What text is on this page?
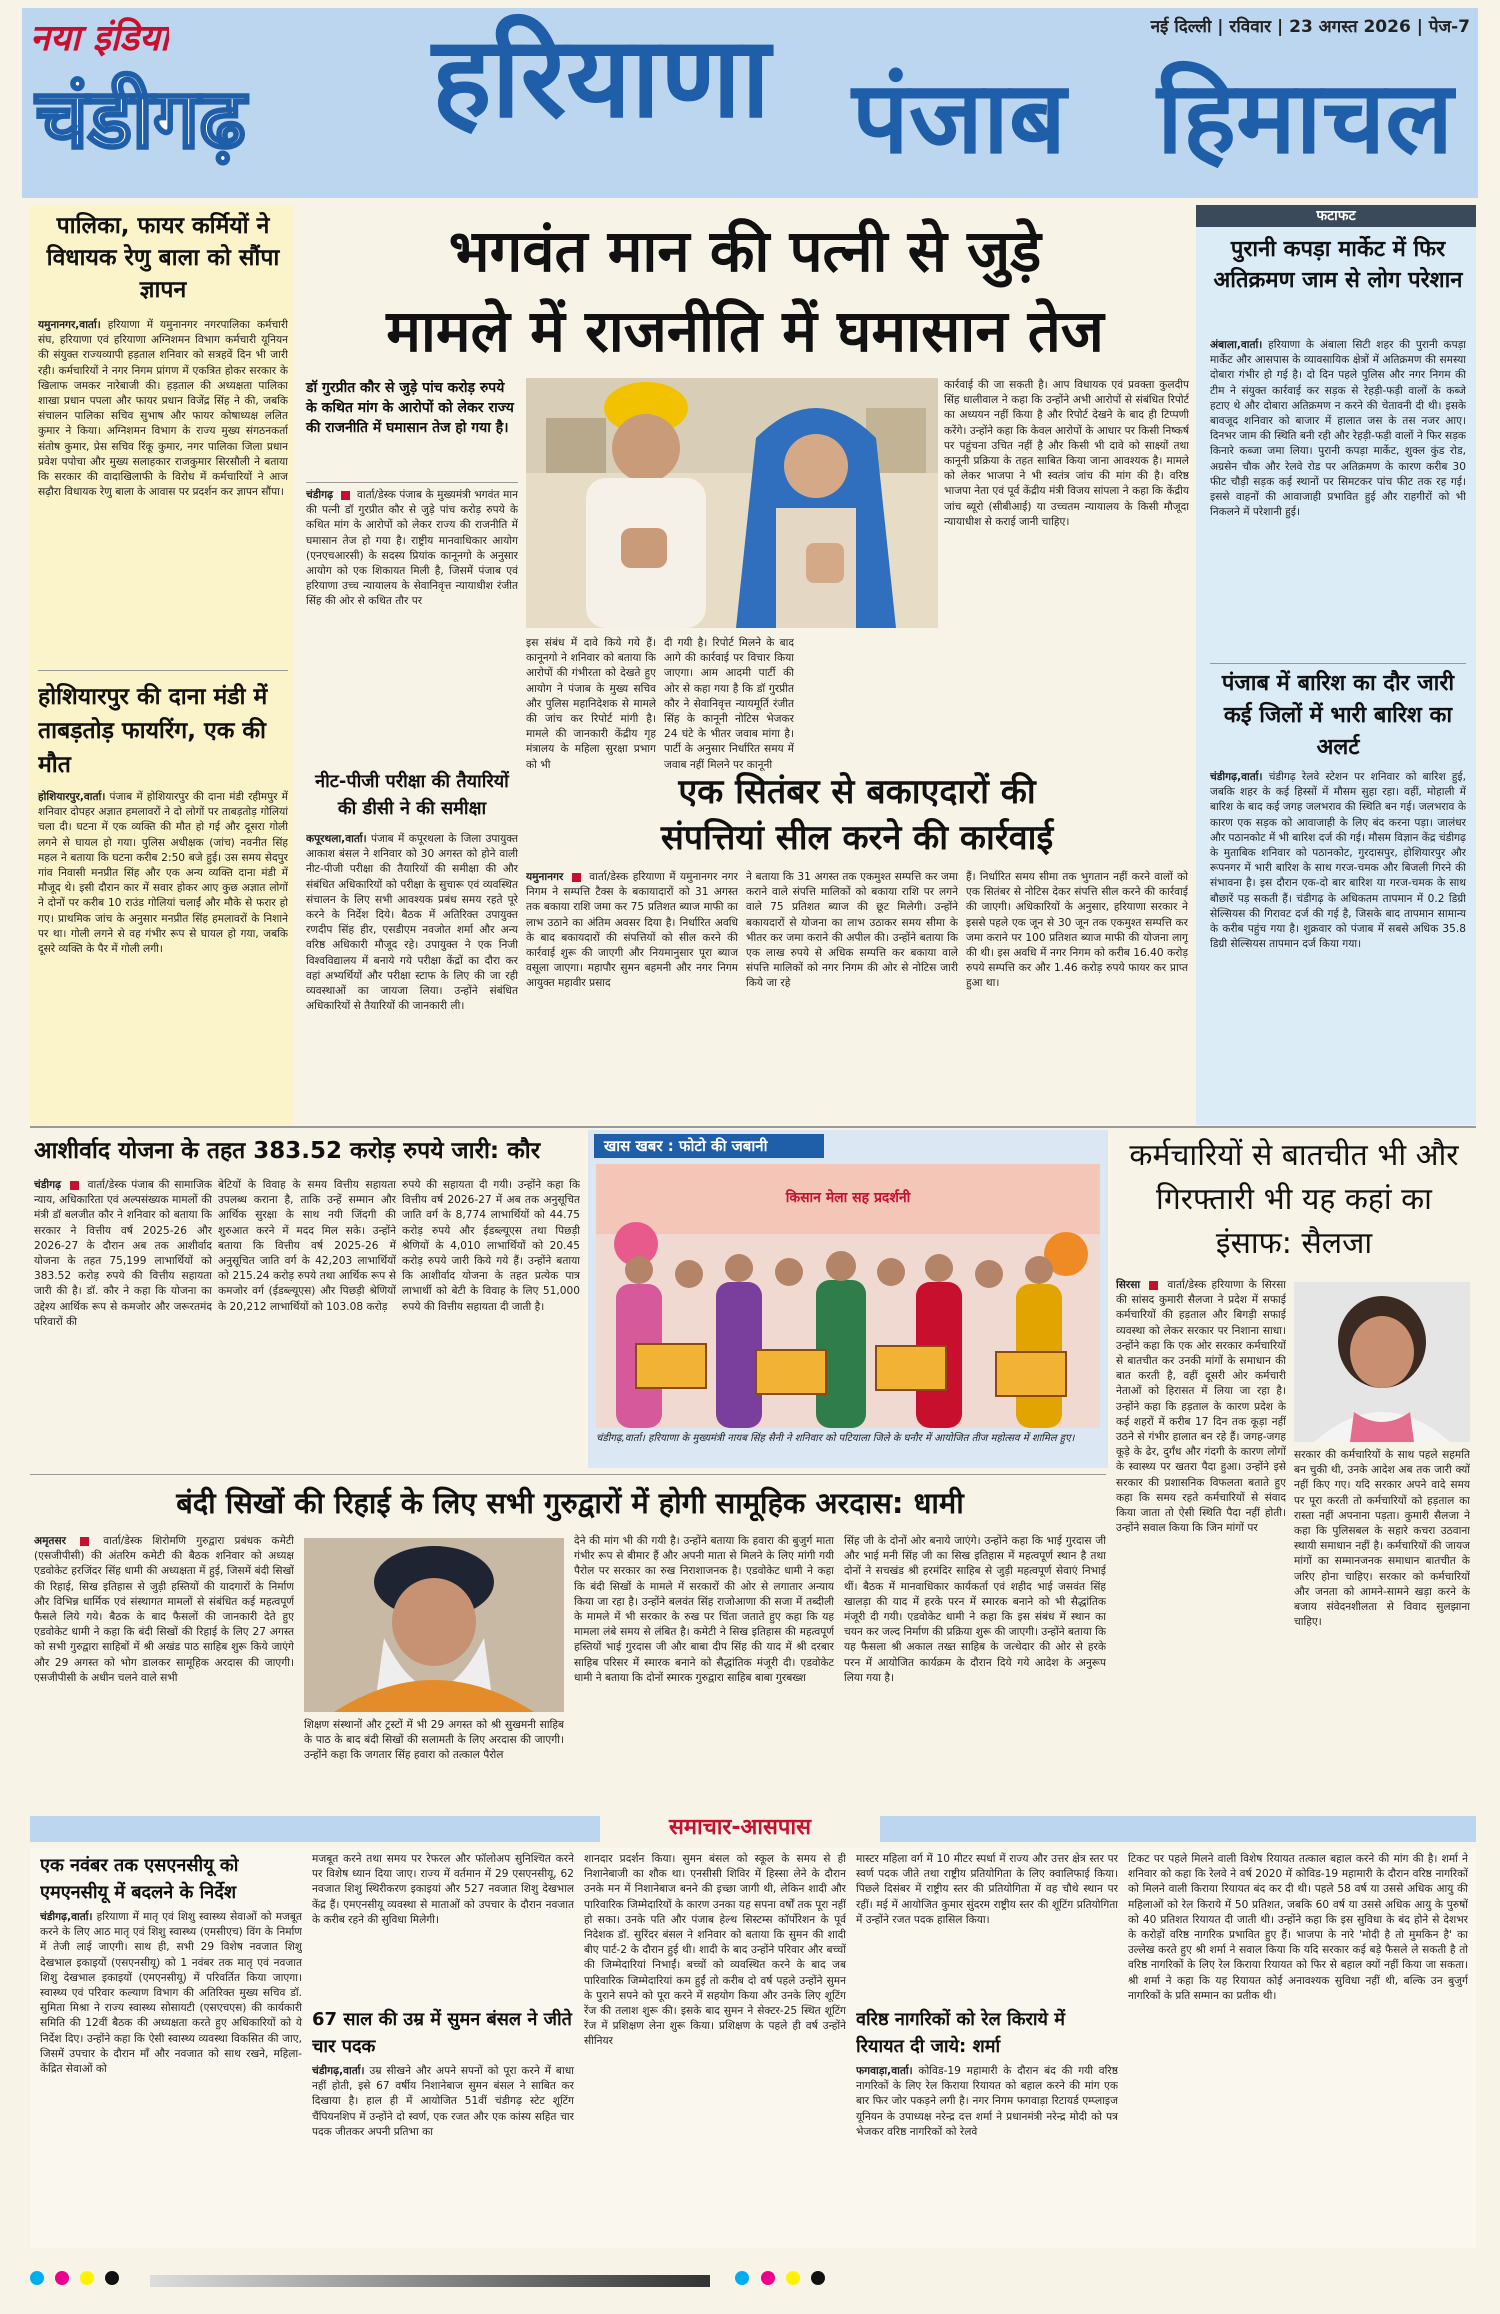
नया इंडिया
चंडीगढ़ हरियाणा पंजाब हिमाचल
नई दिल्ली | रविवार | 23 अगस्त 2026 | पेज-7
पालिका, फायर कर्मियों ने विधायक रेणु बाला को सौंपा ज्ञापन
यमुनानगर,वार्ता। हरियाणा में यमुनानगर नगरपालिका कर्मचारी संघ, हरियाणा एवं हरियाणा अग्निशमन विभाग कर्मचारी यूनियन की संयुक्त राज्यव्यापी हड़ताल शनिवार को सत्रहवें दिन भी जारी रही। कर्मचारियों ने नगर निगम प्रांगण में एकत्रित होकर सरकार के खिलाफ जमकर नारेबाजी की। हड़ताल की अध्यक्षता पालिका शाखा प्रधान पपला और फायर प्रधान विजेंद्र सिंह ने की, जबकि संचालन पालिका सचिव सुभाष और फायर कोषाध्यक्ष ललित कुमार ने किया। अग्निशमन विभाग के राज्य मुख्य संगठनकर्ता संतोष कुमार, प्रेस सचिव रिंकू कुमार, नगर पालिका जिला प्रधान प्रवेश पपोचा और मुख्य सलाहकार राजकुमार सिरसौली ने बताया कि सरकार की वादाखिलाफी के विरोध में कर्मचारियों ने आज सढ़ौरा विधायक रेणु बाला के आवास पर प्रदर्शन कर ज्ञापन सौंपा।
होशियारपुर की दाना मंडी में ताबड़तोड़ फायरिंग, एक की मौत
होशियारपुर,वार्ता। पंजाब में होशियारपुर की दाना मंडी रहीमपुर में शनिवार दोपहर अज्ञात हमलावरों ने दो लोगों पर ताबड़तोड़ गोलियां चला दी। घटना में एक व्यक्ति की मौत हो गई और दूसरा गोली लगने से घायल हो गया। पुलिस अधीक्षक (जांच) नवनीत सिंह महल ने बताया कि घटना करीब 2:50 बजे हुई। उस समय सेदपुर गांव निवासी मनप्रीत सिंह और एक अन्य व्यक्ति दाना मंडी में मौजूद थे। इसी दौरान कार में सवार होकर आए कुछ अज्ञात लोगों ने दोनों पर करीब 10 राउंड गोलियां चलाईं और मौके से फरार हो गए। प्राथमिक जांच के अनुसार मनप्रीत सिंह हमलावरों के निशाने पर था। गोली लगने से वह गंभीर रूप से घायल हो गया, जबकि दूसरे व्यक्ति के पैर में गोली लगी।
भगवंत मान की पत्नी से जुड़े
मामले में राजनीति में घमासान तेज
डॉ गुरप्रीत कौर से जुड़े पांच करोड़ रुपये के कथित मांग के आरोपों को लेकर राज्य की राजनीति में घमासान तेज हो गया है।
चंडीगढ़ वार्ता/डेस्क पंजाब के मुख्यमंत्री भगवंत मान की पत्नी डॉ गुरप्रीत कौर से जुड़े पांच करोड़ रुपये के कथित मांग के आरोपों को लेकर राज्य की राजनीति में घमासान तेज हो गया है। राष्ट्रीय मानवाधिकार आयोग (एनएचआरसी) के सदस्य प्रियांक कानूनगो के अनुसार आयोग को एक शिकायत मिली है, जिसमें पंजाब एवं हरियाणा उच्च न्यायालय के सेवानिवृत्त न्यायाधीश रंजीत सिंह की ओर से कथित तौर पर
इस संबंध में दावे किये गये हैं। कानूनगो ने शनिवार को बताया कि आरोपों की गंभीरता को देखते हुए आयोग ने पंजाब के मुख्य सचिव और पुलिस महानिदेशक से मामले की जांच कर रिपोर्ट मांगी है। मामले की जानकारी केंद्रीय गृह मंत्रालय के महिला सुरक्षा प्रभाग को भी
दी गयी है। रिपोर्ट मिलने के बाद आगे की कार्रवाई पर विचार किया जाएगा। आम आदमी पार्टी की ओर से कहा गया है कि डॉ गुरप्रीत कौर ने सेवानिवृत्त न्यायमूर्ति रंजीत सिंह के कानूनी नोटिस भेजकर 24 घंटे के भीतर जवाब मांगा है। पार्टी के अनुसार निर्धारित समय में जवाब नहीं मिलने पर कानूनी
कार्रवाई की जा सकती है। आप विधायक एवं प्रवक्ता कुलदीप सिंह धालीवाल ने कहा कि उन्होंने अभी आरोपों से संबंधित रिपोर्ट का अध्ययन नहीं किया है और रिपोर्ट देखने के बाद ही टिप्पणी करेंगे। उन्होंने कहा कि केवल आरोपों के आधार पर किसी निष्कर्ष पर पहुंचना उचित नहीं है और किसी भी दावे को साक्ष्यों तथा कानूनी प्रक्रिया के तहत साबित किया जाना आवश्यक है। मामले को लेकर भाजपा ने भी स्वतंत्र जांच की मांग की है। वरिष्ठ भाजपा नेता एवं पूर्व केंद्रीय मंत्री विजय सांपला ने कहा कि केंद्रीय जांच ब्यूरो (सीबीआई) या उच्चतम न्यायालय के किसी मौजूदा न्यायाधीश से कराई जानी चाहिए।
फटाफट
पुरानी कपड़ा मार्केट में फिर अतिक्रमण जाम से लोग परेशान
अंबाला,वार्ता। हरियाणा के अंबाला सिटी शहर की पुरानी कपड़ा मार्केट और आसपास के व्यावसायिक क्षेत्रों में अतिक्रमण की समस्या दोबारा गंभीर हो गई है। दो दिन पहले पुलिस और नगर निगम की टीम ने संयुक्त कार्रवाई कर सड़क से रेहड़ी-फड़ी वालों के कब्जे हटाए थे और दोबारा अतिक्रमण न करने की चेतावनी दी थी। इसके बावजूद शनिवार को बाजार में हालात जस के तस नजर आए। दिनभर जाम की स्थिति बनी रही और रेहड़ी-फड़ी वालों ने फिर सड़क किनारे कब्जा जमा लिया। पुरानी कपड़ा मार्केट, शुक्ल कुंड रोड, अग्रसेन चौक और रेलवे रोड पर अतिक्रमण के कारण करीब 30 फीट चौड़ी सड़क कई स्थानों पर सिमटकर पांच फीट तक रह गई। इससे वाहनों की आवाजाही प्रभावित हुई और राहगीरों को भी निकलने में परेशानी हुई।
पंजाब में बारिश का दौर जारी कई जिलों में भारी बारिश का अलर्ट
चंडीगढ़,वार्ता। चंडीगढ़ रेलवे स्टेशन पर शनिवार को बारिश हुई, जबकि शहर के कई हिस्सों में मौसम सुहा रहा। वहीं, मोहाली में बारिश के बाद कई जगह जलभराव की स्थिति बन गई। जलभराव के कारण एक सड़क को आवाजाही के लिए बंद करना पड़ा। जालंधर और पठानकोट में भी बारिश दर्ज की गई। मौसम विज्ञान केंद्र चंडीगढ़ के मुताबिक शनिवार को पठानकोट, गुरदासपुर, होशियारपुर और रूपनगर में भारी बारिश के साथ गरज-चमक और बिजली गिरने की संभावना है। इस दौरान एक-दो बार बारिश या गरज-चमक के साथ बौछारें पड़ सकती हैं। चंडीगढ़ के अधिकतम तापमान में 0.2 डिग्री सेल्सियस की गिरावट दर्ज की गई है, जिसके बाद तापमान सामान्य के करीब पहुंच गया है। शुक्रवार को पंजाब में सबसे अधिक 35.8 डिग्री सेल्सियस तापमान दर्ज किया गया।
नीट-पीजी परीक्षा की तैयारियों की डीसी ने की समीक्षा
कपूरथला,वार्ता। पंजाब में कपूरथला के जिला उपायुक्त आकाश बंसल ने शनिवार को 30 अगस्त को होने वाली नीट-पीजी परीक्षा की तैयारियों की समीक्षा की और संबंधित अधिकारियों को परीक्षा के सुचारू एवं व्यवस्थित संचालन के लिए सभी आवश्यक प्रबंध समय रहते पूरे करने के निर्देश दिये। बैठक में अतिरिक्त उपायुक्त रणदीप सिंह हीर, एसडीएम नवजोत शर्मा और अन्य वरिष्ठ अधिकारी मौजूद रहे। उपायुक्त ने एक निजी विश्वविद्यालय में बनाये गये परीक्षा केंद्रों का दौरा कर वहां अभ्यर्थियों और परीक्षा स्टाफ के लिए की जा रही व्यवस्थाओं का जायजा लिया। उन्होंने संबंधित अधिकारियों से तैयारियों की जानकारी ली।
एक सितंबर से बकाएदारों की
संपत्तियां सील करने की कार्रवाई
यमुनानगर वार्ता/डेस्क हरियाणा में यमुनानगर नगर निगम ने सम्पत्ति टैक्स के बकायादारों को 31 अगस्त तक बकाया राशि जमा कर 75 प्रतिशत ब्याज माफी का लाभ उठाने का अंतिम अवसर दिया है। निर्धारित अवधि के बाद बकायदारों की संपत्तियों को सील करने की कार्रवाई शुरू की जाएगी और नियमानुसार पूरा ब्याज वसूला जाएगा। महापौर सुमन बहमनी और नगर निगम आयुक्त महावीर प्रसाद
ने बताया कि 31 अगस्त तक एकमुश्त सम्पत्ति कर जमा कराने वाले संपत्ति मालिकों को बकाया राशि पर लगने वाले 75 प्रतिशत ब्याज की छूट मिलेगी। उन्होंने बकायदारों से योजना का लाभ उठाकर समय सीमा के भीतर कर जमा कराने की अपील की। उन्होंने बताया कि एक लाख रुपये से अधिक सम्पत्ति कर बकाया वाले संपत्ति मालिकों को नगर निगम की ओर से नोटिस जारी किये जा रहे
हैं। निर्धारित समय सीमा तक भुगतान नहीं करने वालों को एक सितंबर से नोटिस देकर संपत्ति सील करने की कार्रवाई की जाएगी। अधिकारियों के अनुसार, हरियाणा सरकार ने इससे पहले एक जून से 30 जून तक एकमुश्त सम्पत्ति कर जमा कराने पर 100 प्रतिशत ब्याज माफी की योजना लागू की थी। इस अवधि में नगर निगम को करीब 16.40 करोड़ रुपये सम्पत्ति कर और 1.46 करोड़ रुपये फायर कर प्राप्त हुआ था।
आशीर्वाद योजना के तहत 383.52 करोड़ रुपये जारी: कौर
चंडीगढ़	वार्ता/डेस्क पंजाब की सामाजिक न्याय, अधिकारिता एवं अल्पसंख्यक मामलों की मंत्री डॉ बलजीत कौर ने शनिवार को बताया कि सरकार ने वित्तीय वर्ष 2025-26 और 2026-27 के दौरान अब तक आशीर्वाद योजना के तहत 75,199 लाभार्थियों को 383.52 करोड़ रुपये की वित्तीय सहायता जारी की है। डॉ. कौर ने कहा कि योजना का उद्देश्य आर्थिक रूप से कमजोर और जरूरतमंद परिवारों की
बेटियों के विवाह के समय वित्तीय सहायता उपलब्ध कराना है, ताकि उन्हें सम्मान और आर्थिक सुरक्षा के साथ नयी जिंदगी की शुरुआत करने में मदद मिल सके। उन्होंने बताया कि वित्तीय वर्ष 2025-26 में अनुसूचित जाति वर्ग के 42,203 लाभार्थियों को 215.24 करोड़ रुपये तथा आर्थिक रूप से कमजोर वर्ग (ईडब्ल्यूएस) और पिछड़ी श्रेणियों के 20,212 लाभार्थियों को 103.08 करोड़
रुपये की सहायता दी गयी। उन्होंने कहा कि वित्तीय वर्ष 2026-27 में अब तक अनुसूचित जाति वर्ग के 8,774 लाभार्थियों को 44.75 करोड़ रुपये और ईडब्ल्यूएस तथा पिछड़ी श्रेणियों के 4,010 लाभार्थियों को 20.45 करोड़ रुपये जारी किये गये हैं। उन्होंने बताया कि आशीर्वाद योजना के तहत प्रत्येक पात्र लाभार्थी को बेटी के विवाह के लिए 51,000 रुपये की वित्तीय सहायता दी जाती है।
खास खबर : फोटो की जबानी
किसान मेला सह प्रदर्शनी
चंडीगढ़,वार्ता। हरियाणा के मुख्यमंत्री नायब सिंह सैनी ने शनिवार को पटियाला जिले के घनौर में आयोजित तीज महोत्सव में शामिल हुए।
कर्मचारियों से बातचीत भी और गिरफ्तारी भी यह कहां का इंसाफ: सैलजा
सिरसा	वार्ता/डेस्क हरियाणा के सिरसा की सांसद कुमारी सैलजा ने प्रदेश में सफाई कर्मचारियों की हड़ताल और बिगड़ी सफाई व्यवस्था को लेकर सरकार पर निशाना साधा। उन्होंने कहा कि एक ओर सरकार कर्मचारियों से बातचीत कर उनकी मांगों के समाधान की बात करती है, वहीं दूसरी ओर कर्मचारी नेताओं को हिरासत में लिया जा रहा है। उन्होंने कहा कि हड़ताल के कारण प्रदेश के कई शहरों में करीब 17 दिन तक कूड़ा नहीं उठने से गंभीर हालात बन रहे हैं। जगह-जगह कूड़े के ढेर, दुर्गंध और गंदगी के कारण लोगों के स्वास्थ्य पर खतरा पैदा हुआ। उन्होंने इसे सरकार की प्रशासनिक विफलता बताते हुए कहा कि समय रहते कर्मचारियों से संवाद किया जाता तो ऐसी स्थिति पैदा नहीं होती। उन्होंने सवाल किया कि जिन मांगों पर
सरकार की कर्मचारियों के साथ पहले सहमति बन चुकी थी, उनके आदेश अब तक जारी क्यों नहीं किए गए। यदि सरकार अपने वादे समय पर पूरा करती तो कर्मचारियों को हड़ताल का रास्ता नहीं अपनाना पड़ता। कुमारी सैलजा ने कहा कि पुलिसबल के सहारे कचरा उठवाना स्थायी समाधान नहीं है। कर्मचारियों की जायज मांगों का सम्मानजनक समाधान बातचीत के जरिए होना चाहिए। सरकार को कर्मचारियों और जनता को आमने-सामने खड़ा करने के बजाय संवेदनशीलता से विवाद सुलझाना चाहिए।
बंदी सिखों की रिहाई के लिए सभी गुरुद्वारों में होगी सामूहिक अरदास: धामी
अमृतसर	वार्ता/डेस्क शिरोमणि गुरुद्वारा प्रबंधक कमेटी (एसजीपीसी) की अंतरिम कमेटी की बैठक शनिवार को अध्यक्ष एडवोकेट हरजिंदर सिंह धामी की अध्यक्षता में हुई, जिसमें बंदी सिखों की रिहाई, सिख इतिहास से जुड़ी हस्तियों की यादगारों के निर्माण और विभिन्न धार्मिक एवं संस्थागत मामलों से संबंधित कई महत्वपूर्ण फैसले लिये गये। बैठक के बाद फैसलों की जानकारी देते हुए एडवोकेट धामी ने कहा कि बंदी सिखों की रिहाई के लिए 27 अगस्त को सभी गुरुद्वारा साहिबों में श्री अखंड पाठ साहिब शुरू किये जाएंगे और 29 अगस्त को भोग डालकर सामूहिक अरदास की जाएगी। एसजीपीसी के अधीन चलने वाले सभी
शिक्षण संस्थानों और ट्रस्टों में भी 29 अगस्त को श्री सुखमनी साहिब के पाठ के बाद बंदी सिखों की सलामती के लिए अरदास की जाएगी। उन्होंने कहा कि जगतार सिंह हवारा को तत्काल पैरोल
देने की मांग भी की गयी है। उन्होंने बताया कि हवारा की बुजुर्ग माता गंभीर रूप से बीमार हैं और अपनी माता से मिलने के लिए मांगी गयी पैरोल पर सरकार का रुख निराशाजनक है। एडवोकेट धामी ने कहा कि बंदी सिखों के मामले में सरकारों की ओर से लगातार अन्याय किया जा रहा है। उन्होंने बलवंत सिंह राजोआणा की सजा में तब्दीली के मामले में भी सरकार के रुख पर चिंता जताते हुए कहा कि यह मामला लंबे समय से लंबित है। कमेटी ने सिख इतिहास की महत्वपूर्ण हस्तियों भाई गुरदास जी और बाबा दीप सिंह की याद में श्री दरबार साहिब परिसर में स्मारक बनाने को सैद्धांतिक मंजूरी दी। एडवोकेट धामी ने बताया कि दोनों स्मारक गुरुद्वारा साहिब बाबा गुरबख्श
सिंह जी के दोनों ओर बनाये जाएंगे। उन्होंने कहा कि भाई गुरदास जी और भाई मनी सिंह जी का सिख इतिहास में महत्वपूर्ण स्थान है तथा दोनों ने सचखंड श्री हरमंदिर साहिब से जुड़ी महत्वपूर्ण सेवाएं निभाई थीं। बैठक में मानवाधिकार कार्यकर्ता एवं शहीद भाई जसवंत सिंह खालड़ा की याद में हरके परन में स्मारक बनाने को भी सैद्धांतिक मंजूरी दी गयी। एडवोकेट धामी ने कहा कि इस संबंध में स्थान का चयन कर जल्द निर्माण की प्रक्रिया शुरू की जाएगी। उन्होंने बताया कि यह फैसला श्री अकाल तख्त साहिब के जत्थेदार की ओर से हरके परन में आयोजित कार्यक्रम के दौरान दिये गये आदेश के अनुरूप लिया गया है।
समाचार-आसपास
एक नवंबर तक एसएनसीयू को एमएनसीयू में बदलने के निर्देश
चंडीगढ़,वार्ता। हरियाणा में मातृ एवं शिशु स्वास्थ्य सेवाओं को मजबूत करने के लिए आठ मातृ एवं शिशु स्वास्थ्य (एमसीएच) विंग के निर्माण में तेजी लाई जाएगी। साथ ही, सभी 29 विशेष नवजात शिशु देखभाल इकाइयों (एसएनसीयू) को 1 नवंबर तक मातृ एवं नवजात शिशु देखभाल इकाइयों (एमएनसीयू) में परिवर्तित किया जाएगा। स्वास्थ्य एवं परिवार कल्याण विभाग की अतिरिक्त मुख्य सचिव डॉ. सुमिता मिश्रा ने राज्य स्वास्थ्य सोसायटी (एसएचएस) की कार्यकारी समिति की 12वीं बैठक की अध्यक्षता करते हुए अधिकारियों को ये निर्देश दिए। उन्होंने कहा कि ऐसी स्वास्थ्य व्यवस्था विकसित की जाए, जिसमें उपचार के दौरान माँ और नवजात को साथ रखने, महिला-केंद्रित सेवाओं को
मजबूत करने तथा समय पर रेफरल और फॉलोअप सुनिश्चित करने पर विशेष ध्यान दिया जाए। राज्य में वर्तमान में 29 एसएनसीयू, 62 नवजात शिशु स्थिरीकरण इकाइयां और 527 नवजात शिशु देखभाल केंद्र हैं। एमएनसीयू व्यवस्था से माताओं को उपचार के दौरान नवजात के करीब रहने की सुविधा मिलेगी।
67 साल की उम्र में सुमन बंसल ने जीते चार पदक
चंडीगढ़,वार्ता। उम्र सीखने और अपने सपनों को पूरा करने में बाधा नहीं होती, इसे 67 वर्षीय निशानेबाज सुमन बंसल ने साबित कर दिखाया है। हाल ही में आयोजित 51वीं चंडीगढ़ स्टेट शूटिंग चैंपियनशिप में उन्होंने दो स्वर्ण, एक रजत और एक कांस्य सहित चार पदक जीतकर अपनी प्रतिभा का
शानदार प्रदर्शन किया। सुमन बंसल को स्कूल के समय से ही निशानेबाजी का शौक था। एनसीसी शिविर में हिस्सा लेने के दौरान उनके मन में निशानेबाज बनने की इच्छा जागी थी, लेकिन शादी और पारिवारिक जिम्मेदारियों के कारण उनका यह सपना वर्षों तक पूरा नहीं हो सका। उनके पति और पंजाब हेल्थ सिस्टम्स कॉर्पोरेशन के पूर्व निदेशक डॉ. सुरिंदर बंसल ने शनिवार को बताया कि सुमन की शादी बीए पार्ट-2 के दौरान हुई थी। शादी के बाद उन्होंने परिवार और बच्चों की जिम्मेदारियां निभाईं। बच्चों को व्यवस्थित करने के बाद जब पारिवारिक जिम्मेदारियां कम हुईं तो करीब दो वर्ष पहले उन्होंने सुमन के पुराने सपने को पूरा करने में सहयोग किया और उनके लिए शूटिंग रेंज की तलाश शुरू की। इसके बाद सुमन ने सेक्टर-25 स्थित शूटिंग रेंज में प्रशिक्षण लेना शुरू किया। प्रशिक्षण के पहले ही वर्ष उन्होंने सीनियर
मास्टर महिला वर्ग में 10 मीटर स्पर्धा में राज्य और उत्तर क्षेत्र स्तर पर स्वर्ण पदक जीते तथा राष्ट्रीय प्रतियोगिता के लिए क्वालिफाई किया। पिछले दिसंबर में राष्ट्रीय स्तर की प्रतियोगिता में वह चौथे स्थान पर रहीं। मई में आयोजित कुमार सुंदरम राष्ट्रीय स्तर की शूटिंग प्रतियोगिता में उन्होंने रजत पदक हासिल किया।
वरिष्ठ नागरिकों को रेल किराये में रियायत दी जाये: शर्मा
फगवाड़ा,वार्ता। कोविड-19 महामारी के दौरान बंद की गयी वरिष्ठ नागरिकों के लिए रेल किराया रियायत को बहाल करने की मांग एक बार फिर जोर पकड़ने लगी है। नगर निगम फगवाड़ा रिटायर्ड एम्प्लाइज यूनियन के उपाध्यक्ष नरेन्द्र दत्त शर्मा ने प्रधानमंत्री नरेन्द्र मोदी को पत्र भेजकर वरिष्ठ नागरिकों को रेलवे
टिकट पर पहले मिलने वाली विशेष रियायत तत्काल बहाल करने की मांग की है। शर्मा ने शनिवार को कहा कि रेलवे ने वर्ष 2020 में कोविड-19 महामारी के दौरान वरिष्ठ नागरिकों को मिलने वाली किराया रियायत बंद कर दी थी। पहले 58 वर्ष या उससे अधिक आयु की महिलाओं को रेल किराये में 50 प्रतिशत, जबकि 60 वर्ष या उससे अधिक आयु के पुरुषों को 40 प्रतिशत रियायत दी जाती थी। उन्होंने कहा कि इस सुविधा के बंद होने से देशभर के करोड़ों वरिष्ठ नागरिक प्रभावित हुए हैं। भाजपा के नारे 'मोदी है तो मुमकिन है' का उल्लेख करते हुए श्री शर्मा ने सवाल किया कि यदि सरकार कई बड़े फैसले ले सकती है तो वरिष्ठ नागरिकों के लिए रेल किराया रियायत को फिर से बहाल क्यों नहीं किया जा सकता। श्री शर्मा ने कहा कि यह रियायत कोई अनावश्यक सुविधा नहीं थी, बल्कि उन बुजुर्ग नागरिकों के प्रति सम्मान का प्रतीक थी।
